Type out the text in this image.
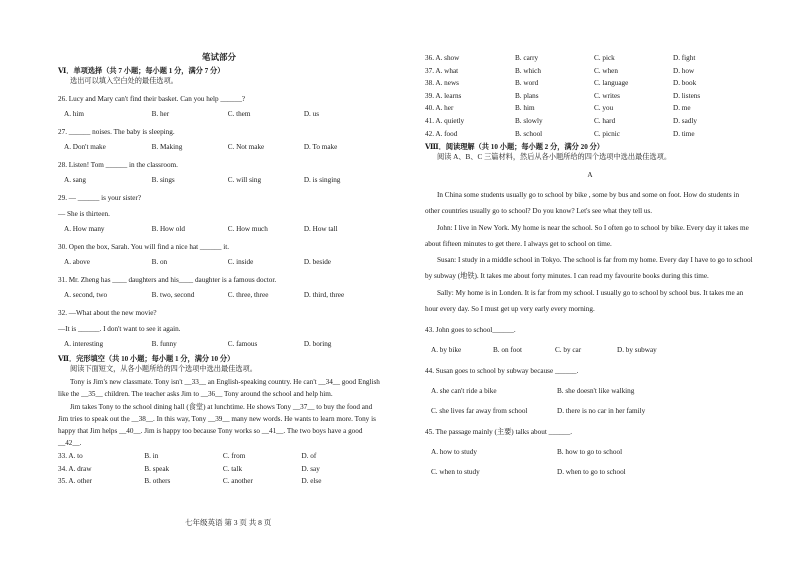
笔试部分
Ⅵ．单项选择（共 7 小题；每小题 1 分，满分 7 分）
选出可以填入空白处的最佳选项。
26. Lucy and Mary can't find their basket. Can you help ______?
A. him	B. her	C. them	D. us
27. ______ noises. The baby is sleeping.
A. Don't make	B. Making	C. Not make	D. To make
28. Listen! Tom ______ in the classroom.
A. sang	B. sings	C. will sing	D. is singing
29. — ______ is your sister?
— She is thirteen.
A. How many	B. How old	C. How much	D. How tall
30. Open the box, Sarah. You will find a nice hat ______ it.
A. above	B. on	C. inside	D. beside
31. Mr. Zheng has ____ daughters and his____ daughter is a famous doctor.
A. second, two	B. two, second	C. three, three	D. third, three
32. —What about the new movie?
—It is ______. I don't want to see it again.
A. interesting	B. funny	C. famous	D. boring
Ⅶ．完形填空（共 10 小题；每小题 1 分，满分 10 分）
阅读下面短文，从各小题所给的四个选项中选出最佳选项。

Tony is Jim's new classmate. Tony isn't __33__ an English-speaking country. He can't __34__ good English like the __35__ children. The teacher asks Jim to __36__ Tony around the school and help him.

Jim takes Tony to the school dining hall (食堂) at lunchtime. He shows Tony __37__ to buy the food and Jim tries to speak out the __38__. In this way, Tony __39__ many new words. He wants to learn more. Tony is happy that Jim helps __40__. Jim is happy too because Tony works so __41__. The two boys have a good __42__.

33. A. to	B. in	C. from	D. of
34. A. draw	B. speak	C. talk	D. say
35. A. other	B. others	C. another	D. else
七年级英语 第 3 页 共 8 页
36. A. show	B. carry	C. pick	D. fight
37. A. what	B. which	C. when	D. how
38. A. news	B. word	C. language	D. book
39. A. learns	B. plans	C. writes	D. listens
40. A. her	B. him	C. you	D. me
41. A. quietly	B. slowly	C. hard	D. sadly
42. A. food	B. school	C. picnic	D. time
Ⅷ．阅读理解（共 10 小题；每小题 2 分，满分 20 分）
阅读 A、B、C 三篇材料，然后从各小题所给的四个选项中选出最佳选项。
A

In China some students usually go to school by bike , some by bus and some on foot. How do students in other countries usually go to school? Do you know? Let's see what they tell us.

John: I live in New York. My home is near the school. So I often go to school by bike. Every day it takes me about fifteen minutes to get there. I always get to school on time.

Susan: I study in a middle school in Tokyo. The school is far from my home. Every day I have to go to school by subway (地铁). It takes me about forty minutes. I can read my favourite books during this time.

Sally: My home is in Londen. It is far from my school. I usually go to school by school bus. It takes me an hour every day. So I must get up very early every morning.

43. John goes to school______.
A. by bike	B. on foot	C. by car	D. by subway
44. Susan goes to school by subway because ______.
A. she can't ride a bike	B. she doesn't like walking
C. she lives far away from school	D. there is no car in her family
45. The passage mainly (主要) talks about ______.
A. how to study	B. how to go to school
C. when to study	D. when to go to school
